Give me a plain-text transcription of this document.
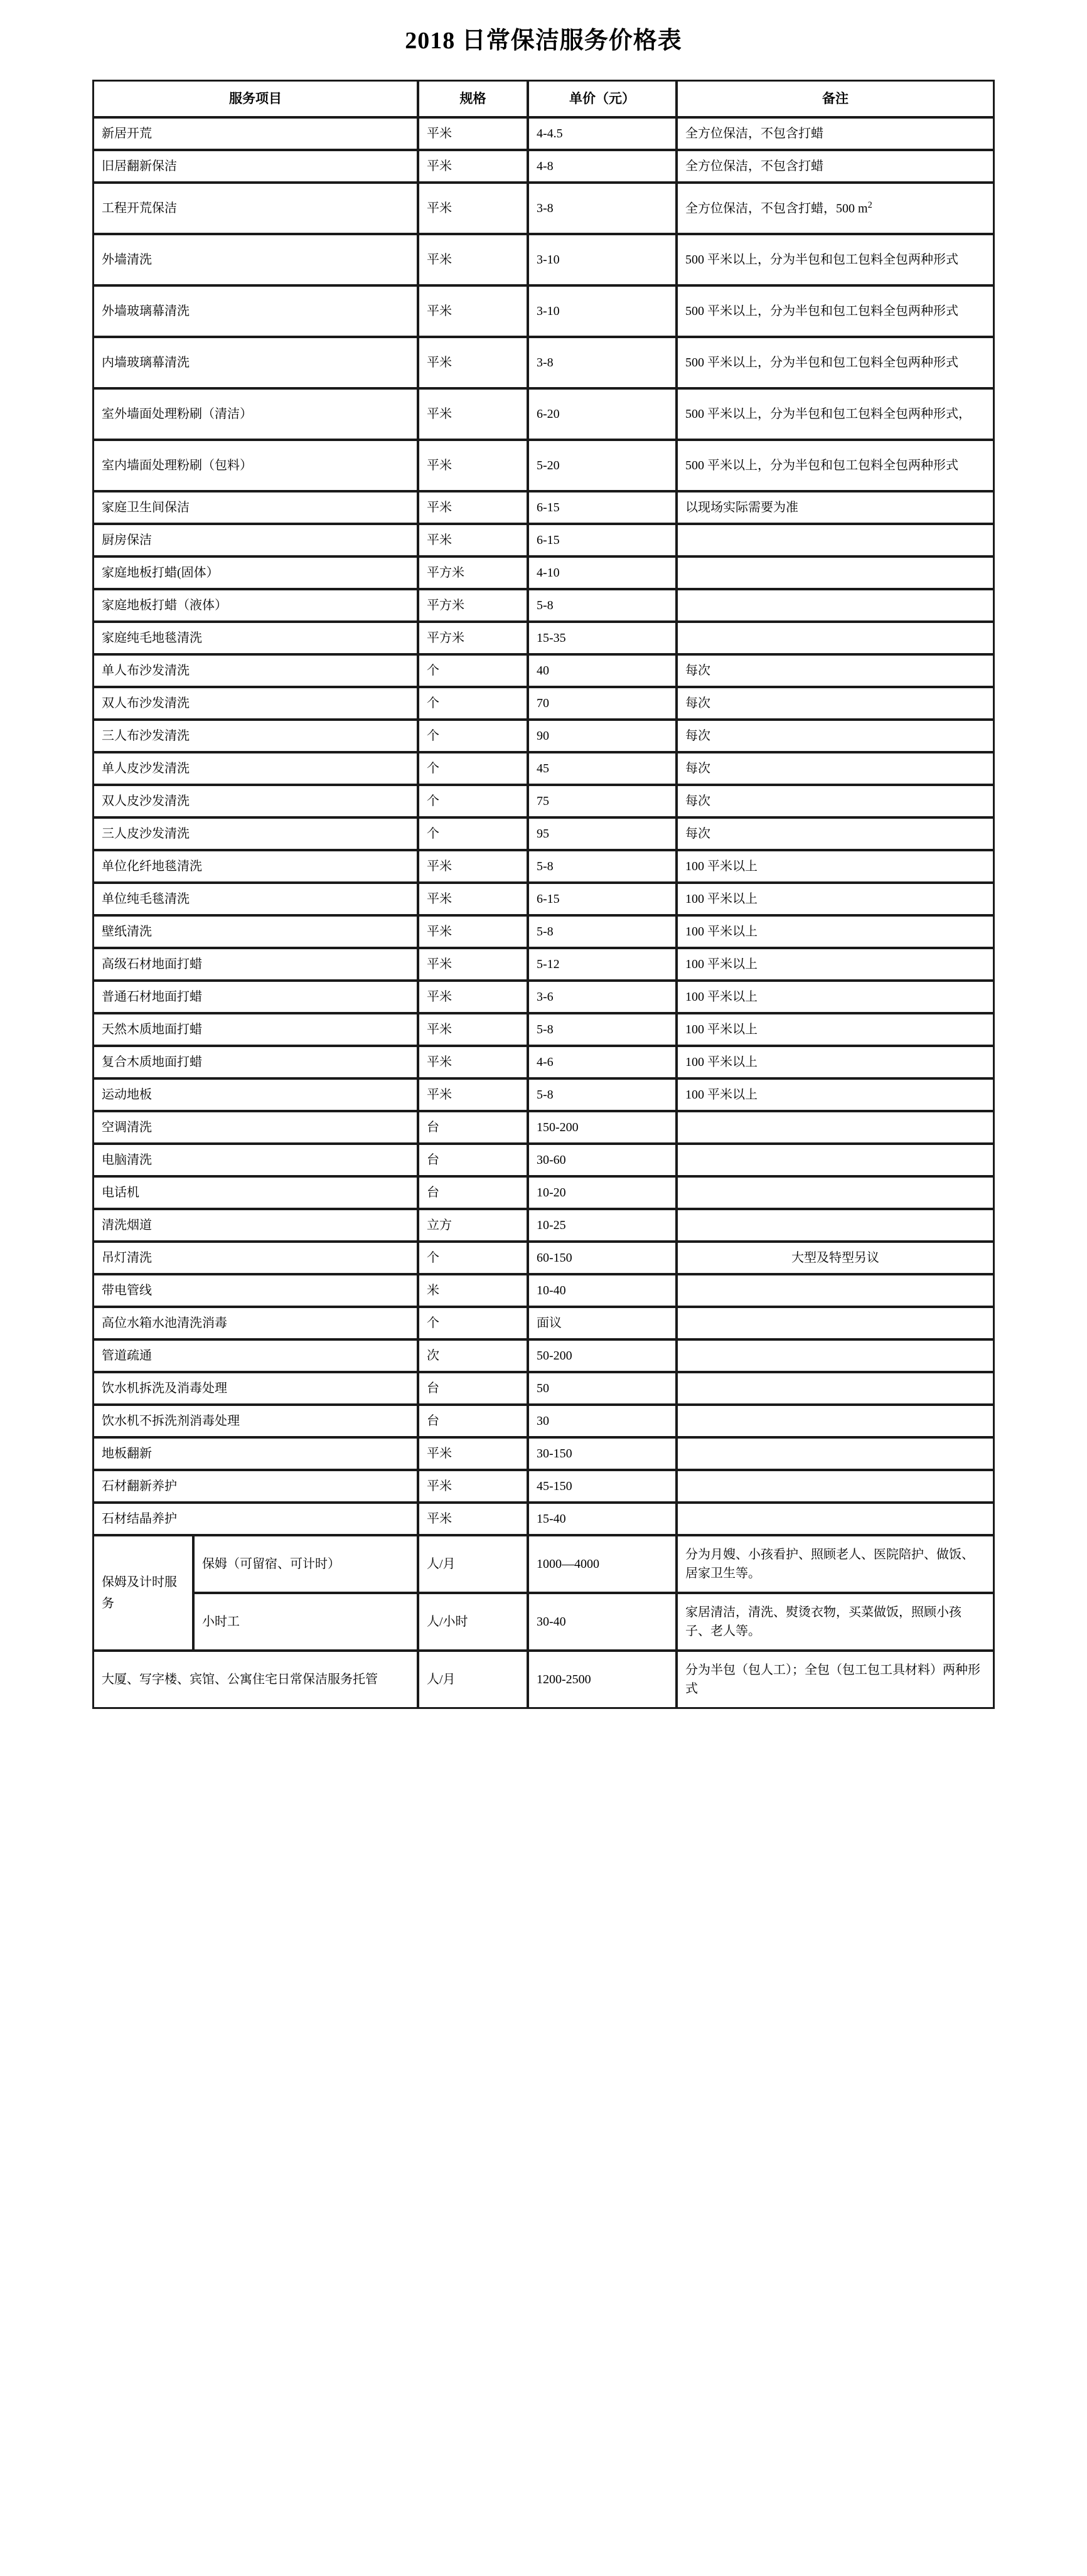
2018 日常保洁服务价格表
服务项目		规格	单价（元）	备注
新居开荒		平米	4-4.5	全方位保洁，不包含打蜡
旧居翻新保洁		平米	4-8	全方位保洁，不包含打蜡
工程开荒保洁		平米	3-8	全方位保洁，不包含打蜡，500 $m^2$
外墙清洗		平米	3-10	500 平米以上，分为半包和包工包料全包两种形式
外墙玻璃幕清洗		平米	3-10	500 平米以上，分为半包和包工包料全包两种形式
内墙玻璃幕清洗		平米	3-8	500 平米以上，分为半包和包工包料全包两种形式
室外墙面处理粉刷（清洁）		平米	6-20	500 平米以上，分为半包和包工包料全包两种形式，
室内墙面处理粉刷（包料）		平米	5-20	500 平米以上，分为半包和包工包料全包两种形式
家庭卫生间保洁		平米	6-15	以现场实际需要为准
厨房保洁		平米	6-15	
家庭地板打蜡(固体）		平方米	4-10	
家庭地板打蜡（液体）		平方米	5-8	
家庭纯毛地毯清洗		平方米	15-35	
单人布沙发清洗		个	40	每次
双人布沙发清洗		个	70	每次
三人布沙发清洗		个	90	每次
单人皮沙发清洗		个	45	每次
双人皮沙发清洗		个	75	每次
三人皮沙发清洗		个	95	每次
单位化纤地毯清洗		平米	5-8	100 平米以上
单位纯毛毯清洗		平米	6-15	100 平米以上
壁纸清洗		平米	5-8	100 平米以上
高级石材地面打蜡		平米	5-12	100 平米以上
普通石材地面打蜡		平米	3-6	100 平米以上
天然木质地面打蜡		平米	5-8	100 平米以上
复合木质地面打蜡		平米	4-6	100 平米以上
运动地板		平米	5-8	100 平米以上
空调清洗		台	150-200	
电脑清洗		台	30-60	
电话机		台	10-20	
清洗烟道		立方	10-25	
吊灯清洗		个	60-150	大型及特型另议
带电管线		米	10-40	
高位水箱水池清洗消毒		个	面议	
管道疏通		次	50-200	
饮水机拆洗及消毒处理		台	50	
饮水机不拆洗剂消毒处理		台	30	
地板翻新		平米	30-150	
石材翻新养护		平米	45-150	
石材结晶养护		平米	15-40	
保姆及计时服务	保姆（可留宿、可计时）	人/月	1000—4000	分为月嫂、小孩看护、照顾老人、医院陪护、做饭、居家卫生等。
	小时工	人/小时	30-40	家居清洁，清洗、熨烫衣物，买菜做饭，照顾小孩子、老人等。
大厦、写字楼、宾馆、公寓住宅日常保洁服务托管		人/月	1200-2500	分为半包（包人工）；全包（包工包工具材料）两种形式
